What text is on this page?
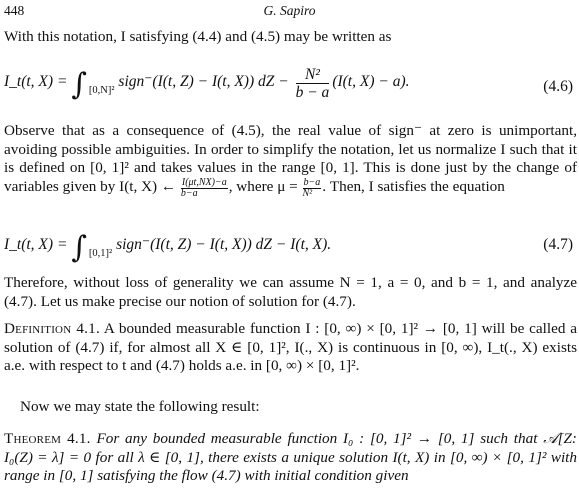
448	G. Sapiro
With this notation, I satisfying (4.4) and (4.5) may be written as
I_t(t, X) = ∫ $_{[0,N]^2}$ sign⁻(I(t, Z) − I(t, X)) dZ − $\frac{\text{N²}}{b - a} (I(t$, X) − a).	(4.6)
Observe that as a consequence of (4.5), the real value of sign⁻ at zero is unimportant, avoiding possible ambiguities. In order to simplify the notation, let us normalize I such that it is defined on [0, 1]² and takes values in the range [0, 1]. This is done just by the change of variables given by I(t, X) ← $\frac{I(\mu t,NX)-a}{b-a}$ , where $\mu = \frac{b-a}{\text{N²}}$ . Then, I satisfies the equation
I_t(t, X) = ∫ $_{[0,1]^2}$ sign⁻(I(t, Z) − I(t, X)) dZ − I(t, X).	(4.7)
Therefore, without loss of generality we can assume N = 1, a = 0, and b = 1, and analyze (4.7). Let us make precise our notion of solution for (4.7).
Definition 4.1. A bounded measurable function I : [0, ∞) × [0, 1]² → [0, 1] will be called a solution of (4.7) if, for almost all X ∈ [0, 1]², I(., X) is continuous in [0, ∞), I_t(., X) exists a.e. with respect to t and (4.7) holds a.e. in [0, ∞) × [0, 1]².
Now we may state the following result:
Theorem 4.1. For any bounded measurable function I₀ : [0, 1]² → [0, 1] such that 𝒜[Z: I₀(Z) = λ] = 0 for all λ ∈ [0, 1], there exists a unique solution I(t, X) in [0, ∞) × [0, 1]² with range in [0, 1] satisfying the flow (4.7) with initial condition given
